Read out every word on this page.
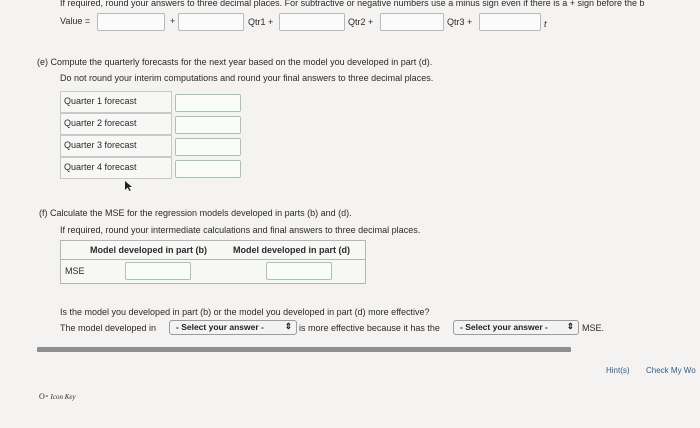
If required, round your answers to three decimal places. For subtractive or negative numbers use a minus sign even if there is a + sign before the b
Value =	+	Qtr1 +	Qtr2 +	Qtr3 +	t
(e) Compute the quarterly forecasts for the next year based on the model you developed in part (d).
Do not round your interim computations and round your final answers to three decimal places.
Quarter 1 forecast
Quarter 2 forecast
Quarter 3 forecast
Quarter 4 forecast
(f) Calculate the MSE for the regression models developed in parts (b) and (d).
If required, round your intermediate calculations and final answers to three decimal places.
Model developed in part (b)	Model developed in part (d)
MSE
Is the model you developed in part (b) or the model you developed in part (d) more effective?
The model developed in	- Select your answer - ⇕ is more effective because it has the	- Select your answer - ⇕ MSE.
Hint(s) Check My Wo
O⁃ Icon Key
